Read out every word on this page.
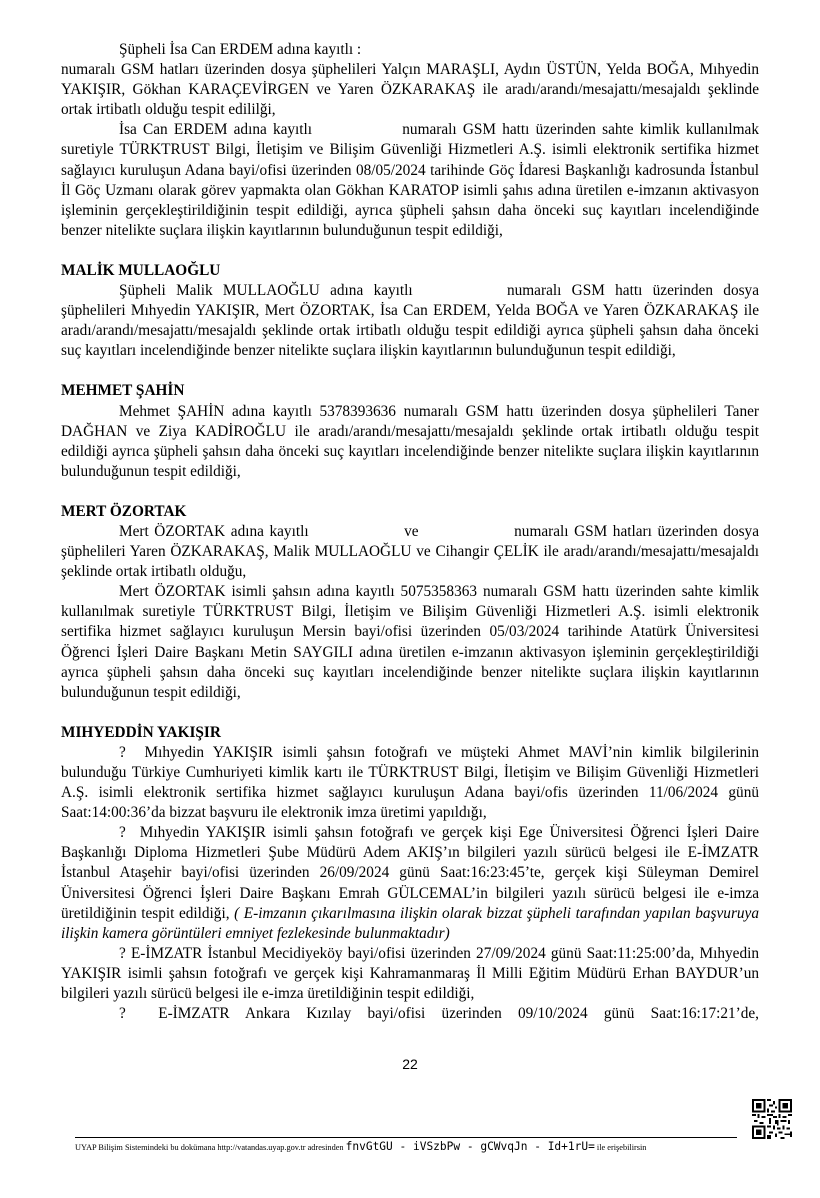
Şüpheli İsa Can ERDEM adına kayıtlı :

numaralı GSM hatları üzerinden dosya şüphelileri Yalçın MARAŞLI, Aydın ÜSTÜN, Yelda BOĞA, Mıhyedin YAKIŞIR, Gökhan KARAÇEVİRGEN ve Yaren ÖZKARAKAŞ ile aradı/arandı/mesajattı/mesajaldı şeklinde ortak irtibatlı olduğu tespit edililği,

İsa Can ERDEM adına kayıtlı	numaralı GSM hattı üzerinden sahte kimlik kullanılmak suretiyle TÜRKTRUST Bilgi, İletişim ve Bilişim Güvenliği Hizmetleri A.Ş. isimli elektronik sertifika hizmet sağlayıcı kuruluşun Adana bayi/ofisi üzerinden 08/05/2024 tarihinde Göç İdaresi Başkanlığı kadrosunda İstanbul İl Göç Uzmanı olarak görev yapmakta olan Gökhan KARATOP isimli şahıs adına üretilen e-imzanın aktivasyon işleminin gerçekleştirildiğinin tespit edildiği, ayrıca şüpheli şahsın daha önceki suç kayıtları incelendiğinde benzer nitelikte suçlara ilişkin kayıtlarının bulunduğunun tespit edildiği,

MALİK MULLAOĞLU

Şüpheli Malik MULLAOĞLU adına kayıtlı	numaralı GSM hattı üzerinden dosya şüphelileri Mıhyedin YAKIŞIR, Mert ÖZORTAK, İsa Can ERDEM, Yelda BOĞA ve Yaren ÖZKARAKAŞ ile aradı/arandı/mesajattı/mesajaldı şeklinde ortak irtibatlı olduğu tespit edildiği ayrıca şüpheli şahsın daha önceki suç kayıtları incelendiğinde benzer nitelikte suçlara ilişkin kayıtlarının bulunduğunun tespit edildiği,

MEHMET ŞAHİN

Mehmet ŞAHİN adına kayıtlı 5378393636 numaralı GSM hattı üzerinden dosya şüphelileri Taner DAĞHAN ve Ziya KADİROĞLU ile aradı/arandı/mesajattı/mesajaldı şeklinde ortak irtibatlı olduğu tespit edildiği ayrıca şüpheli şahsın daha önceki suç kayıtları incelendiğinde benzer nitelikte suçlara ilişkin kayıtlarının bulunduğunun tespit edildiği,

MERT ÖZORTAK

Mert ÖZORTAK adına kayıtlı	ve	numaralı GSM hatları üzerinden dosya şüphelileri Yaren ÖZKARAKAŞ, Malik MULLAOĞLU ve Cihangir ÇELİK ile aradı/arandı/mesajattı/mesajaldı şeklinde ortak irtibatlı olduğu,

Mert ÖZORTAK isimli şahsın adına kayıtlı 5075358363 numaralı GSM hattı üzerinden sahte kimlik kullanılmak suretiyle TÜRKTRUST Bilgi, İletişim ve Bilişim Güvenliği Hizmetleri A.Ş. isimli elektronik sertifika hizmet sağlayıcı kuruluşun Mersin bayi/ofisi üzerinden 05/03/2024 tarihinde Atatürk Üniversitesi Öğrenci İşleri Daire Başkanı Metin SAYGILI adına üretilen e-imzanın aktivasyon işleminin gerçekleştirildiği ayrıca şüpheli şahsın daha önceki suç kayıtları incelendiğinde benzer nitelikte suçlara ilişkin kayıtlarının bulunduğunun tespit edildiği,

MIHYEDDİN YAKIŞIR

? Mıhyedin YAKIŞIR isimli şahsın fotoğrafı ve müşteki Ahmet MAVİ’nin kimlik bilgilerinin bulunduğu Türkiye Cumhuriyeti kimlik kartı ile TÜRKTRUST Bilgi, İletişim ve Bilişim Güvenliği Hizmetleri A.Ş. isimli elektronik sertifika hizmet sağlayıcı kuruluşun Adana bayi/ofis üzerinden 11/06/2024 günü Saat:14:00:36’da bizzat başvuru ile elektronik imza üretimi yapıldığı,

? Mıhyedin YAKIŞIR isimli şahsın fotoğrafı ve gerçek kişi Ege Üniversitesi Öğrenci İşleri Daire Başkanlığı Diploma Hizmetleri Şube Müdürü Adem AKIŞ’ın bilgileri yazılı sürücü belgesi ile E-İMZATR İstanbul Ataşehir bayi/ofisi üzerinden 26/09/2024 günü Saat:16:23:45’te, gerçek kişi Süleyman Demirel Üniversitesi Öğrenci İşleri Daire Başkanı Emrah GÜLCEMAL’in bilgileri yazılı sürücü belgesi ile e-imza üretildiğinin tespit edildiği, ( E-imzanın çıkarılmasına ilişkin olarak bizzat şüpheli tarafından yapılan başvuruya ilişkin kamera görüntüleri emniyet fezlekesinde bulunmaktadır)

? E-İMZATR İstanbul Mecidiyeköy bayi/ofisi üzerinden 27/09/2024 günü Saat:11:25:00’da, Mıhyedin YAKIŞIR isimli şahsın fotoğrafı ve gerçek kişi Kahramanmaraş İl Milli Eğitim Müdürü Erhan BAYDUR’un bilgileri yazılı sürücü belgesi ile e-imza üretildiğinin tespit edildiği,

? E-İMZATR Ankara Kızılay bayi/ofisi üzerinden 09/10/2024 günü Saat:16:17:21’de,

22
UYAP Bilişim Sistemindeki bu dokümana http://vatandas.uyap.gov.tr adresinden fnvGtGU - iVSzbPw - gCWvqJn - Id+1rU= ile erişebilirsin
